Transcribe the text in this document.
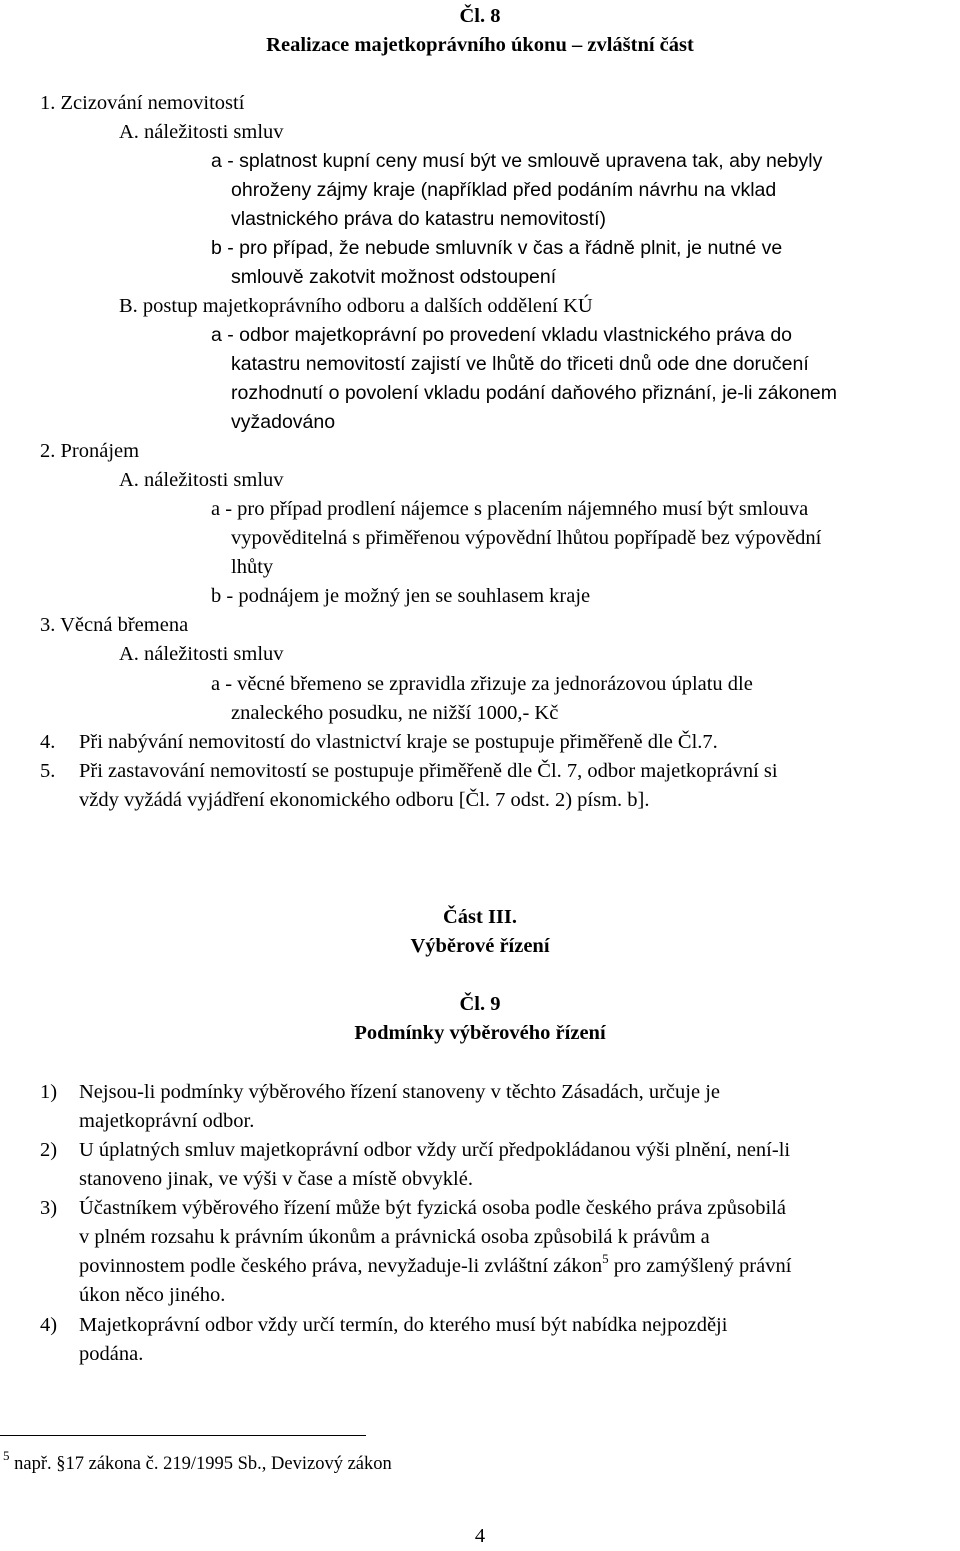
Čl. 8
Realizace majetkoprávního úkonu – zvláštní část
1. Zcizování nemovitostí
A. náležitosti smluv
a - splatnost kupní ceny musí být ve smlouvě upravena tak, aby nebyly
ohroženy zájmy kraje (například před podáním návrhu na vklad
vlastnického práva do katastru nemovitostí)
b - pro případ, že nebude smluvník v čas a řádně plnit, je nutné ve
smlouvě zakotvit možnost odstoupení
B. postup majetkoprávního odboru a dalších oddělení KÚ
a - odbor majetkoprávní po provedení vkladu vlastnického práva do
katastru nemovitostí zajistí ve lhůtě do třiceti dnů ode dne doručení
rozhodnutí o povolení vkladu podání daňového přiznání, je-li zákonem
vyžadováno
2. Pronájem
A. náležitosti smluv
a - pro případ prodlení nájemce s placením nájemného musí být smlouva
vypověditelná s přiměřenou výpovědní lhůtou popřípadě bez výpovědní
lhůty
b - podnájem je možný jen se souhlasem kraje
3. Věcná břemena
A. náležitosti smluv
a - věcné břemeno se zpravidla zřizuje za jednorázovou úplatu dle
znaleckého posudku, ne nižší 1000,- Kč
4. Při nabývání nemovitostí do vlastnictví kraje se postupuje přiměřeně dle Čl.7.
5. Při zastavování nemovitostí se postupuje přiměřeně dle Čl. 7, odbor majetkoprávní si
vždy vyžádá vyjádření ekonomického odboru [Čl. 7 odst. 2) písm. b].
Část III.
Výběrové řízení
Čl. 9
Podmínky výběrového řízení
1) Nejsou-li podmínky výběrového řízení stanoveny v těchto Zásadách, určuje je
majetkoprávní odbor.
2) U úplatných smluv majetkoprávní odbor vždy určí předpokládanou výši plnění, není-li
stanoveno jinak, ve výši v čase a místě obvyklé.
3) Účastníkem výběrového řízení může být fyzická osoba podle českého práva způsobilá
v plném rozsahu k právním úkonům a právnická osoba způsobilá k právům a
povinnostem podle českého práva, nevyžaduje-li zvláštní zákon$^5$ pro zamýšlený právní
úkon něco jiného.
4) Majetkoprávní odbor vždy určí termín, do kterého musí být nabídka nejpozději
podána.
$^5$ např. §17 zákona č. 219/1995 Sb., Devizový zákon
4
